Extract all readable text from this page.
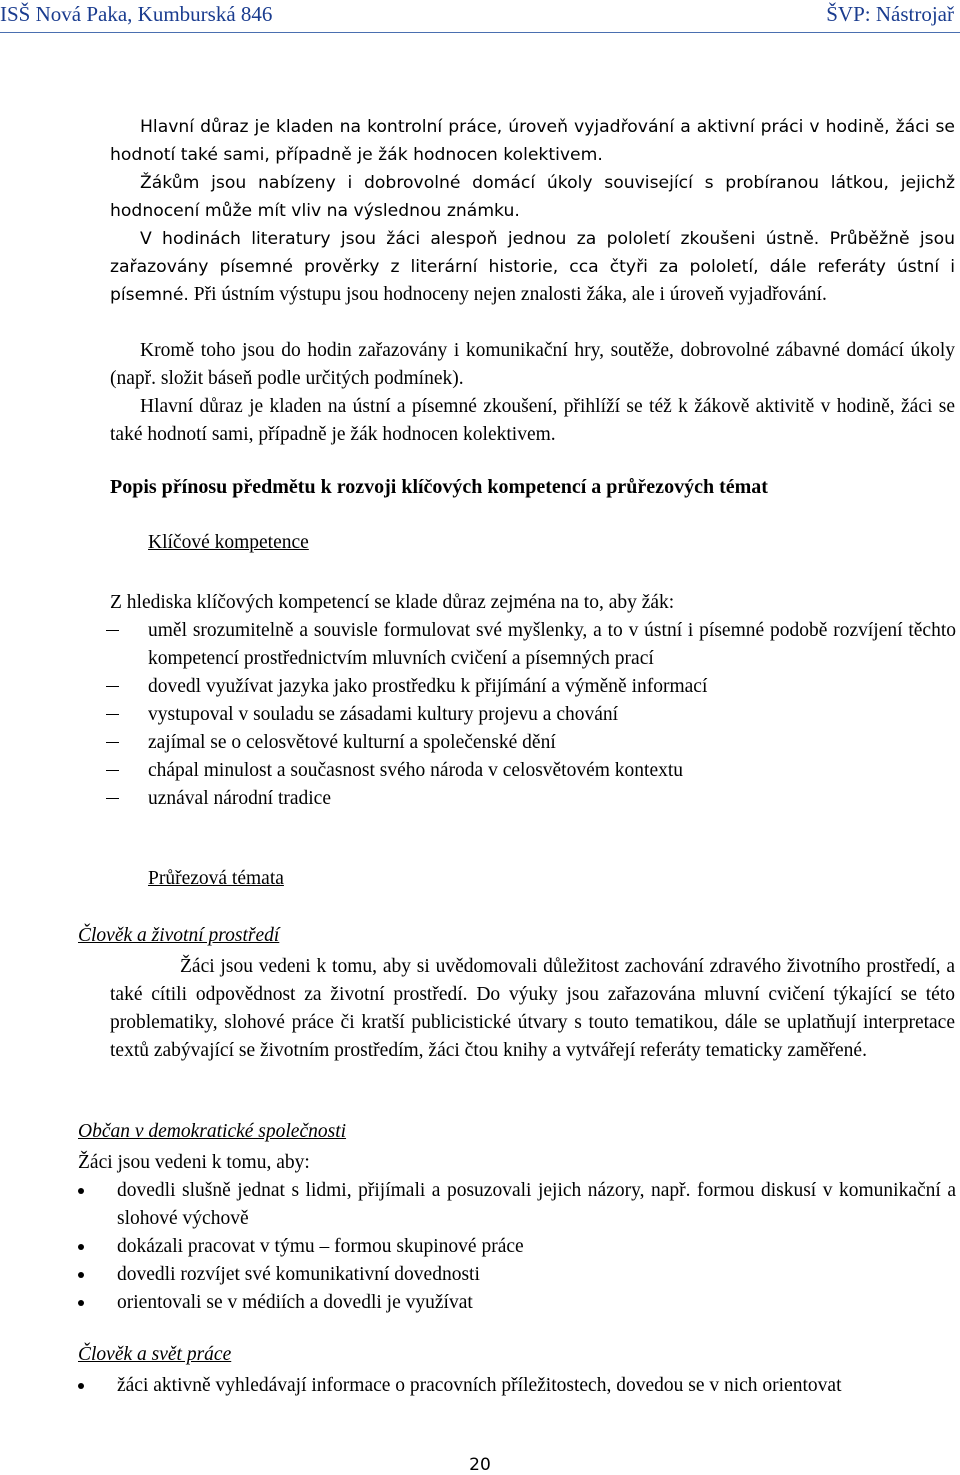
ISŠ Nová Paka, Kumburská 846	ŠVP: Nástrojař

Hlavní důraz je kladen na kontrolní práce, úroveň vyjadřování a aktivní práci v hodině, žáci se hodnotí také sami, případně je žák hodnocen kolektivem.

Žákům jsou nabízeny i dobrovolné domácí úkoly související s probíranou látkou, jejichž hodnocení může mít vliv na výslednou známku.

V hodinách literatury jsou žáci alespoň jednou za pololetí zkoušeni ústně. Průběžně jsou zařazovány písemné prověrky z literární historie, cca čtyři za pololetí, dále referáty ústní i písemné. Při ústním výstupu jsou hodnoceny nejen znalosti žáka, ale i úroveň vyjadřování.

Kromě toho jsou do hodin zařazovány i komunikační hry, soutěže, dobrovolné zábavné domácí úkoly (např. složit báseň podle určitých podmínek).

Hlavní důraz je kladen na ústní a písemné zkoušení, přihlíží se též k žákově aktivitě v hodině, žáci se také hodnotí sami, případně je žák hodnocen kolektivem.

Popis přínosu předmětu k rozvoji klíčových kompetencí a průřezových témat
Klíčové kompetence
Z hlediska klíčových kompetencí se klade důraz zejména na to, aby žák:
uměl srozumitelně a souvisle formulovat své myšlenky, a to v ústní i písemné podobě rozvíjení těchto kompetencí prostřednictvím mluvních cvičení a písemných prací
dovedl využívat jazyka jako prostředku k přijímání a výměně informací
vystupoval v souladu se zásadami kultury projevu a chování
zajímal se o celosvětové kulturní a společenské dění
chápal minulost a současnost svého národa v celosvětovém kontextu
uznával národní tradice
Průřezová témata
Člověk a životní prostředí

Žáci jsou vedeni k tomu, aby si uvědomovali důležitost zachování zdravého životního prostředí, a také cítili odpovědnost za životní prostředí. Do výuky jsou zařazována mluvní cvičení týkající se této problematiky, slohové práce či kratší publicistické útvary s touto tematikou, dále se uplatňují interpretace textů zabývající se životním prostředím, žáci čtou knihy a vytvářejí referáty tematicky zaměřené.

Občan v demokratické společnosti
Žáci jsou vedeni k tomu, aby:
dovedli slušně jednat s lidmi, přijímali a posuzovali jejich názory, např. formou diskusí v komunikační a slohové výchově
dokázali pracovat v týmu – formou skupinové práce
dovedli rozvíjet své komunikativní dovednosti
orientovali se v médiích a dovedli je využívat
Člověk a svět práce
žáci aktivně vyhledávají informace o pracovních příležitostech, dovedou se v nich orientovat
20
